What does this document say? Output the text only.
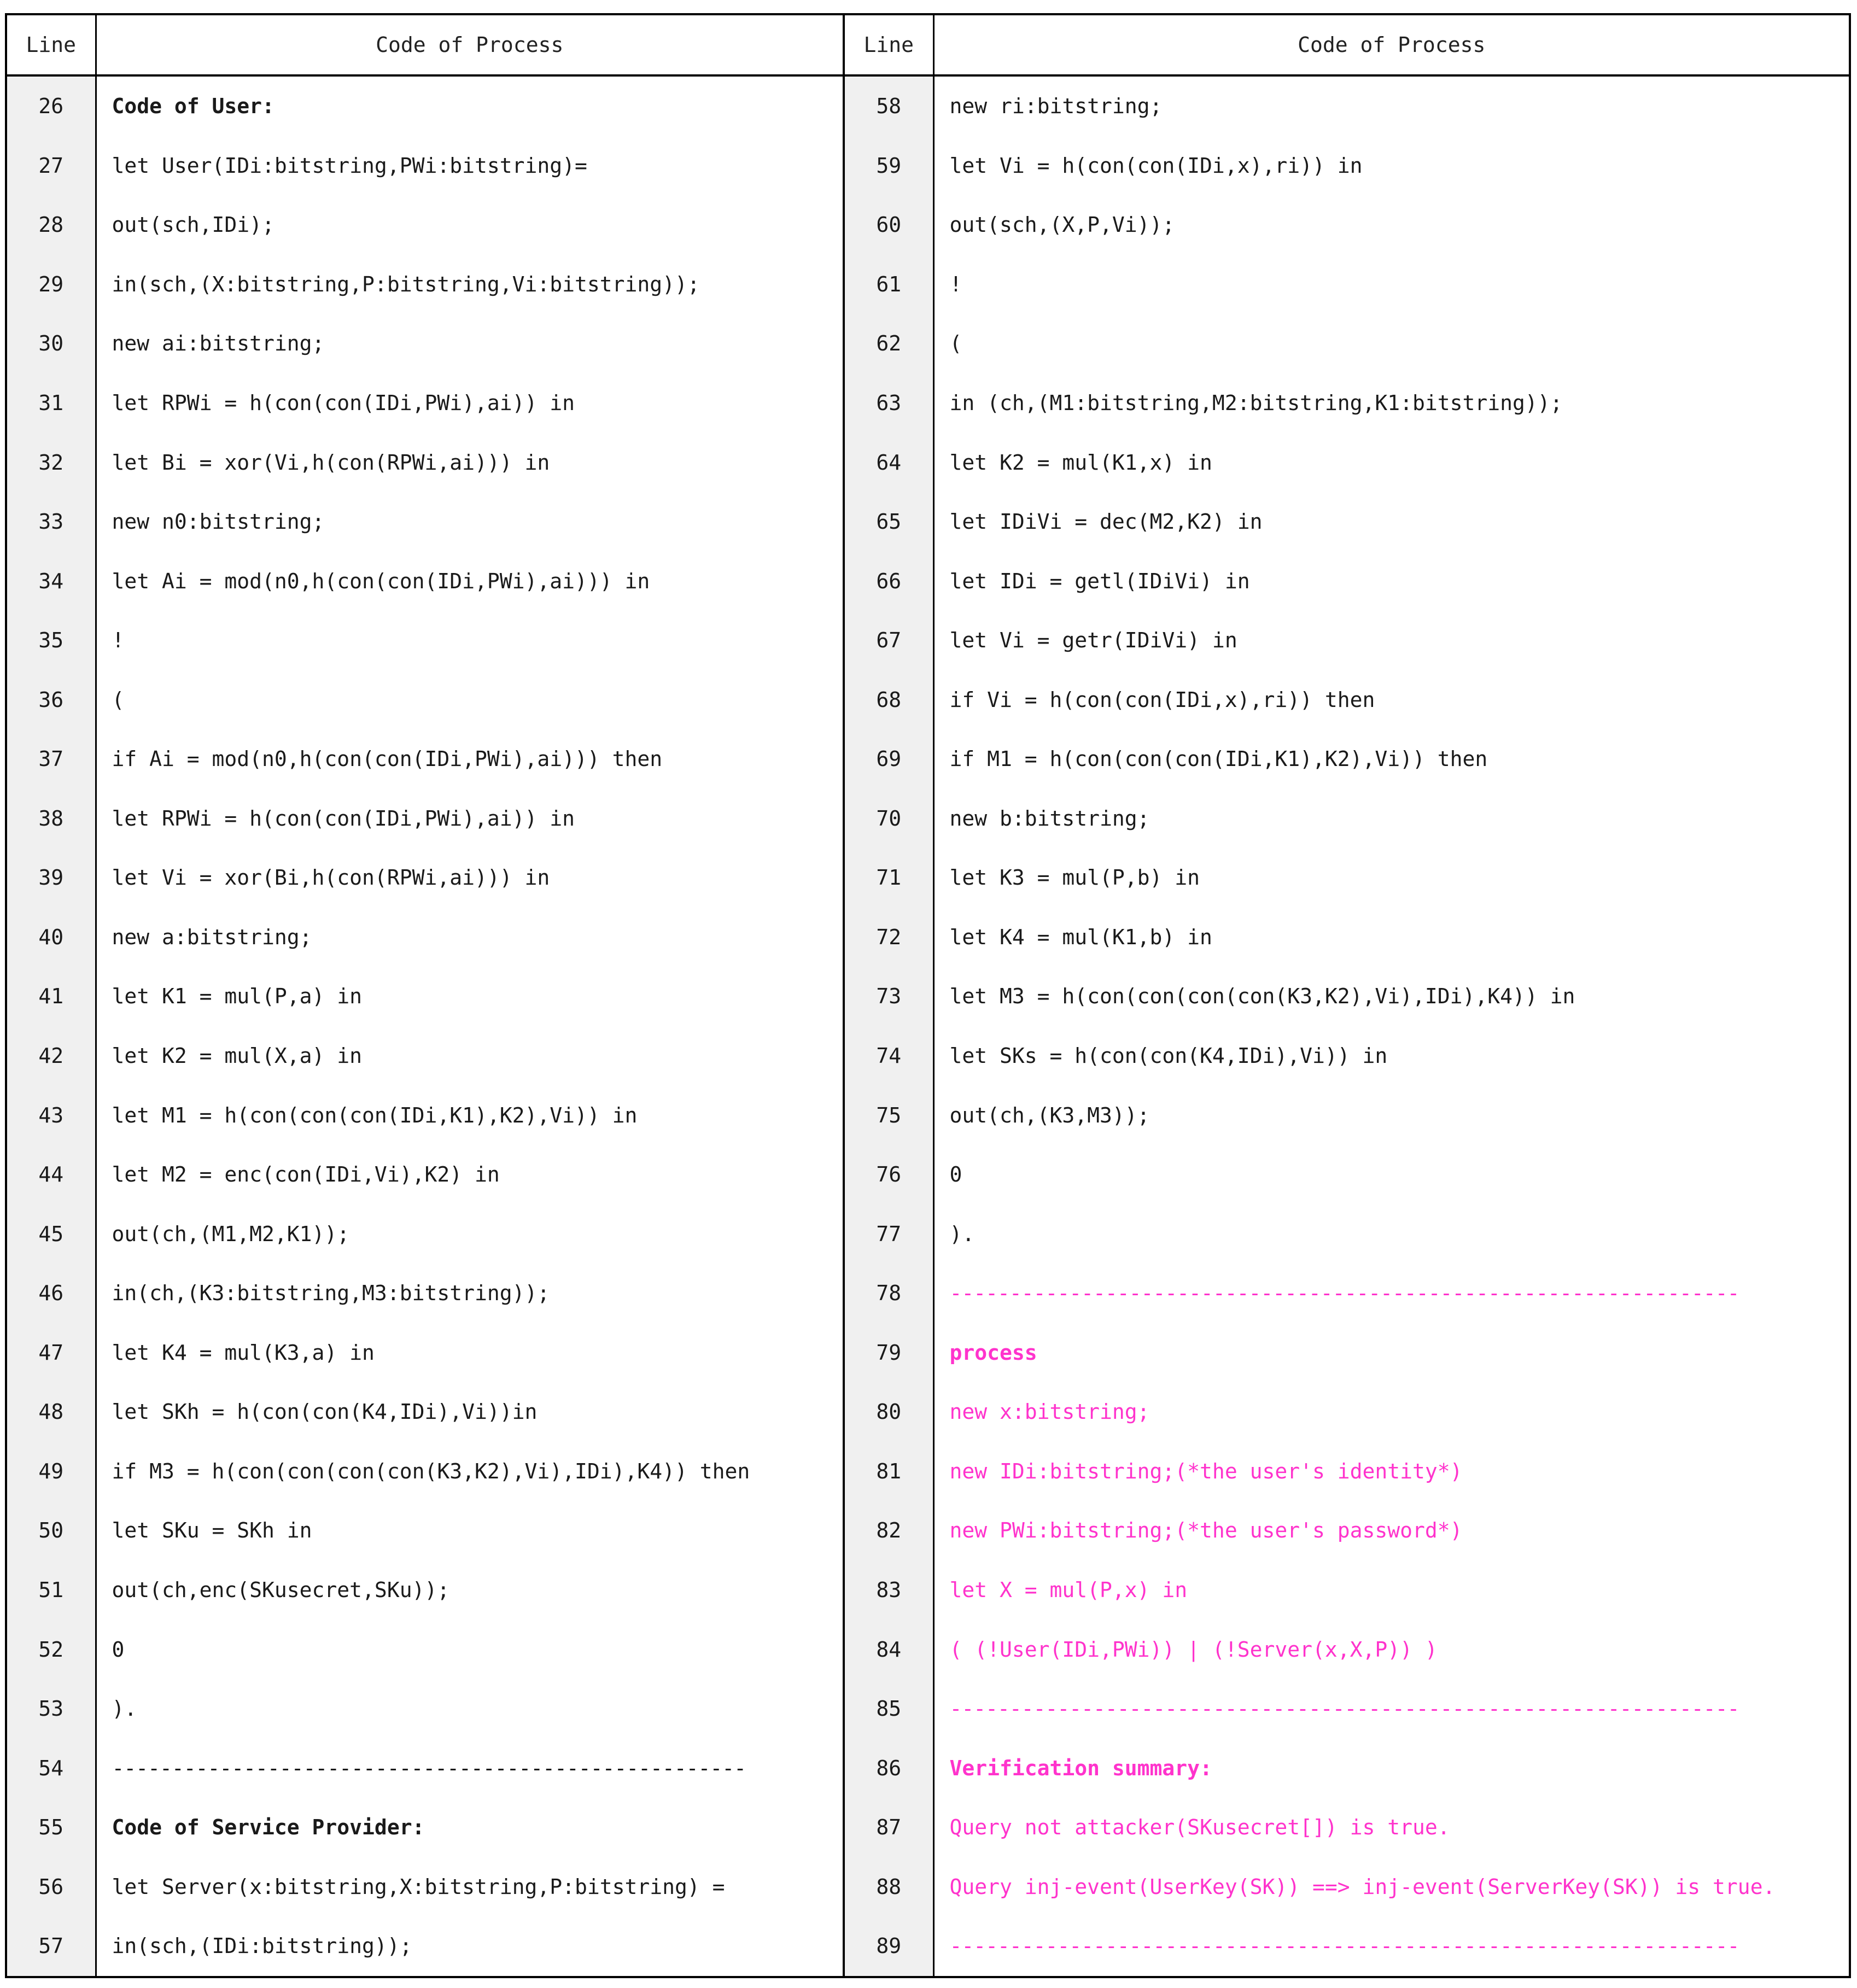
Line	Code of Process	Line	Code of Process
26	Code of User:	58	new ri:bitstring;
27	let User(IDi:bitstring,PWi:bitstring)=	59	let Vi = h(con(con(IDi,x),ri)) in
28	out(sch,IDi);	60	out(sch,(X,P,Vi));
29	in(sch,(X:bitstring,P:bitstring,Vi:bitstring));	61	!
30	new ai:bitstring;	62	(
31	let RPWi = h(con(con(IDi,PWi),ai)) in	63	in (ch,(M1:bitstring,M2:bitstring,K1:bitstring));
32	let Bi = xor(Vi,h(con(RPWi,ai))) in	64	let K2 = mul(K1,x) in
33	new n0:bitstring;	65	let IDiVi = dec(M2,K2) in
34	let Ai = mod(n0,h(con(con(IDi,PWi),ai))) in	66	let IDi = getl(IDiVi) in
35	!	67	let Vi = getr(IDiVi) in
36	(	68	if Vi = h(con(con(IDi,x),ri)) then
37	if Ai = mod(n0,h(con(con(IDi,PWi),ai))) then	69	if M1 = h(con(con(con(IDi,K1),K2),Vi)) then
38	let RPWi = h(con(con(IDi,PWi),ai)) in	70	new b:bitstring;
39	let Vi = xor(Bi,h(con(RPWi,ai))) in	71	let K3 = mul(P,b) in
40	new a:bitstring;	72	let K4 = mul(K1,b) in
41	let K1 = mul(P,a) in	73	let M3 = h(con(con(con(con(K3,K2),Vi),IDi),K4)) in
42	let K2 = mul(X,a) in	74	let SKs = h(con(con(K4,IDi),Vi)) in
43	let M1 = h(con(con(con(IDi,K1),K2),Vi)) in	75	out(ch,(K3,M3));
44	let M2 = enc(con(IDi,Vi),K2) in	76	0
45	out(ch,(M1,M2,K1));	77	).
46	in(ch,(K3:bitstring,M3:bitstring));	78	------------------------------------------------------------------
47	let K4 = mul(K3,a) in	79	process
48	let SKh = h(con(con(K4,IDi),Vi))in	80	new x:bitstring;
49	if M3 = h(con(con(con(con(K3,K2),Vi),IDi),K4)) then	81	new IDi:bitstring;(*the user's identity*)
50	let SKu = SKh in	82	new PWi:bitstring;(*the user's password*)
51	out(ch,enc(SKusecret,SKu));	83	let X = mul(P,x) in
52	0	84	( (!User(IDi,PWi)) | (!Server(x,X,P)) )
53	).	85	------------------------------------------------------------------
54	-----------------------------------------------------	86	Verification summary:
55	Code of Service Provider:	87	Query not attacker(SKusecret[]) is true.
56	let Server(x:bitstring,X:bitstring,P:bitstring) =	88	Query inj-event(UserKey(SK)) ==> inj-event(ServerKey(SK)) is true.
57	in(sch,(IDi:bitstring));	89	------------------------------------------------------------------
